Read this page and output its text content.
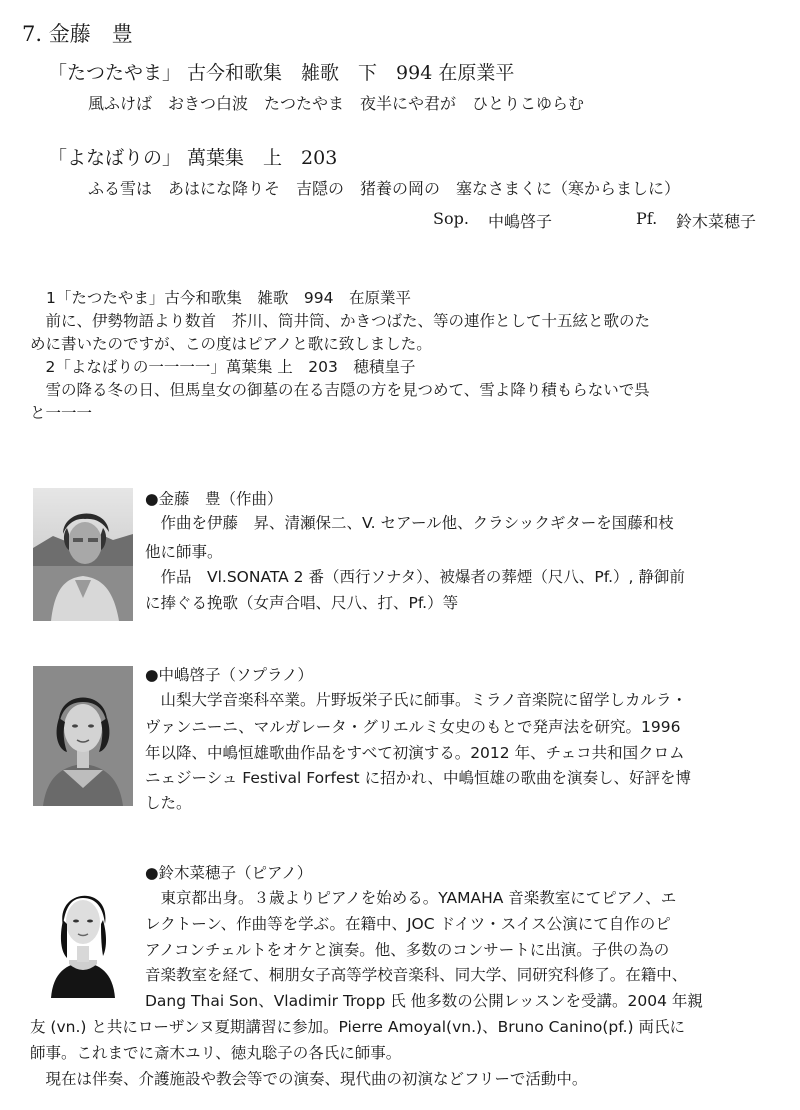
7. 金藤　豊
「たつたやま」 古今和歌集　雑歌　下　994 在原業平
風ふけば　おきつ白波　たつたやま　夜半にや君が　ひとりこゆらむ
「よなばりの」 萬葉集　上　203
ふる雪は　あはにな降りそ　吉隠の　猪養の岡の　塞なさまくに（寒からましに）
Sop. 中嶋啓子	Pf. 鈴木菜穂子
1「たつたやま」古今和歌集　雑歌　994　在原業平
　前に、伊勢物語より数首　芥川、筒井筒、かきつばた、等の連作として十五絃と歌のた
めに書いたのですが、この度はピアノと歌に致しました。
　2「よなばりの一一一一」萬葉集 上　203　穂積皇子
　雪の降る冬の日、但馬皇女の御墓の在る吉隠の方を見つめて、雪よ降り積もらないで呉
と一一一
●金藤　豊（作曲）
　作曲を伊藤　昇、清瀬保二、V. セアール他、クラシックギターを国藤和枝
他に師事。
　作品　Vl.SONATA 2 番（西行ソナタ）、被爆者の葬煙（尺八、Pf.）, 静御前
に捧ぐる挽歌（女声合唱、尺八、打、Pf.）等
●中嶋啓子（ソプラノ）
　山梨大学音楽科卒業。片野坂栄子氏に師事。ミラノ音楽院に留学しカルラ・
ヴァンニーニ、マルガレータ・グリエルミ女史のもとで発声法を研究。1996
年以降、中嶋恒雄歌曲作品をすべて初演する。2012 年、チェコ共和国クロム
ニェジーシュ Festival Forfest に招かれ、中嶋恒雄の歌曲を演奏し、好評を博
した。
●鈴木菜穂子（ピアノ）
　東京都出身。３歳よりピアノを始める。YAMAHA 音楽教室にてピアノ、エ
レクトーン、作曲等を学ぶ。在籍中、JOC ドイツ・スイス公演にて自作のピ
アノコンチェルトをオケと演奏。他、多数のコンサートに出演。子供の為の
音楽教室を経て、桐朋女子高等学校音楽科、同大学、同研究科修了。在籍中、
Dang Thai Son、Vladimir Tropp 氏 他多数の公開レッスンを受講。2004 年親
友 (vn.) と共にローザンヌ夏期講習に参加。Pierre Amoyal(vn.)、Bruno Canino(pf.) 両氏に
師事。これまでに斎木ユリ、徳丸聡子の各氏に師事。
　現在は伴奏、介護施設や教会等での演奏、現代曲の初演などフリーで活動中。
